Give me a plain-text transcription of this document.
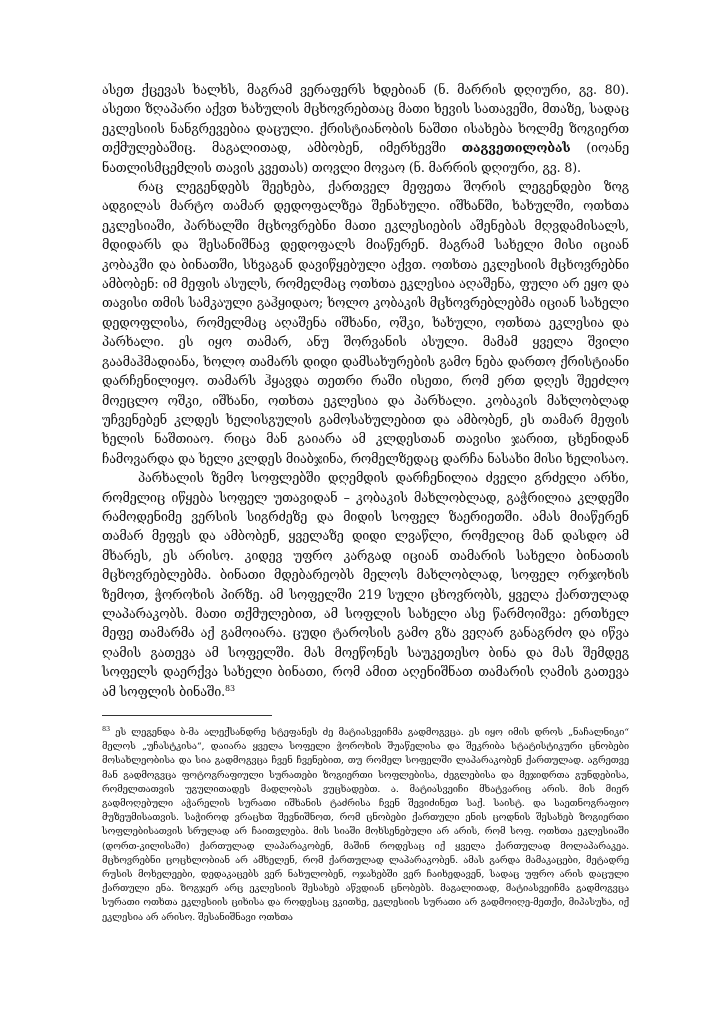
ასეთ ქცევას ხალხს, მაგრამ ვერაფერს ხდებიან (ნ. მარრის დღიური, გვ. 80). ასეთი ზღაპარი აქვთ ხახულის მცხოვრებთაც მათი ხევის სათავეში, მთაზე, სადაც ეკლესიის ნანგრევებია დაცული. ქრისტიანობის ნაშთი ისახება ხოლმე ზოგიერთ თქმულებაშიც. მაგალითად, ამბობენ, იმერხევში თაგვეთილობას (იოანე ნათლისმცემლის თავის კვეთას) თოვლი მოვაო (ნ. მარრის დღიური, გვ. 8).

რაც ლეგენდებს შეეხება, ქართველ მეფეთა შორის ლეგენდები ზოგ ადგილას მარტო თამარ დედოფალზეა შენახული. იშხანში, ხახულში, ოთხთა ეკლესიაში, პარხალში მცხოვრებნი მათი ეკლესიების აშენებას მღვდამისალს, მდიდარს და შესანიშნავ დედოფალს მიაწერენ. მაგრამ სახელი მისი იციან კობაკში და ბინათში, სხვაგან დავიწყებული აქვთ. ოთხთა ეკლესიის მცხოვრებნი ამბობენ: იმ მეფის ასულს, რომელმაც ოთხთა ეკლესია აღაშენა, ფული არ ეყო და თავისი თმის სამკაული გაჰყიდაო; ხოლო კობაკის მცხოვრებლებმა იციან სახელი დედოფლისა, რომელმაც აღაშენა იშხანი, ოშკი, ხახული, ოთხთა ეკლესია და პარხალი. ეს იყო თამარ, ანუ შორვანის ასული. მამამ ყველა შვილი გაამაჰმადიანა, ხოლო თამარს დიდი დამსახურების გამო ნება დართო ქრისტიანი დარჩენილიყო. თამარს ჰყავდა თეთრი რაში ისეთი, რომ ერთ დღეს შეეძლო მოეცლო ოშკი, იშხანი, ოთხთა ეკლესია და პარხალი. კობაკის მახლობლად უჩვენებენ კლდეს ხელისგულის გამოსახულებით და ამბობენ, ეს თამარ მეფის ხელის ნაშთიაო. რიცა მან გაიარა ამ კლდესთან თავისი ჯარით, ცხენიდან ჩამოვარდა და ხელი კლდეს მიაბჯინა, რომელზედაც დარჩა ნასახი მისი ხელისაო.

პარხალის ზემო სოფლებში დღემდის დარჩენილია ძველი გრძელი არხი, რომელიც იწყება სოფელ უთავიდან – კობაკის მახლობლად, გაჭრილია კლდეში რამოდენიმე ვერსის სიგრძეზე და მიდის სოფელ ზაერიეთში. ამას მიაწერენ თამარ მეფეს და ამბობენ, ყველაზე დიდი ლვაწლი, რომელიც მან დასდო ამ მხარეს, ეს არისო. კიდევ უფრო კარგად იციან თამარის სახელი ბინათის მცხოვრებლებმა. ბინათი მდებარეობს მელოს მახლობლად, სოფელ ორჯოხის ზემოთ, ჭოროხის პირზე. ამ სოფელში 219 სული ცხოვრობს, ყველა ქართულად ლაპარაკობს. მათი თქმულებით, ამ სოფლის სახელი ასე წარმოიშვა: ერთხელ მეფე თამარმა აქ გამოიარა. ცუდი ტაროსის გამო გზა ვეღარ განაგრძო და იწვა ღამის გათევა ამ სოფელში. მას მოეწონეს საუკეთესო ბინა და მას შემდეგ სოფელს დაერქვა სახელი ბინათი, რომ ამით აღენიშნათ თამარის ღამის გათევა ამ სოფლის ბინაში.$^{83}$

$^{83}$ ეს ლეგენდა ბ-მა ალექსანდრე სტეფანეს ძე მატიასვეიჩმა გადმოგვცა. ეს იყო იმის დროს „ნაჩალნიკი“ მელოს „უჩასტკისა“, დაიარა ყველა სოფელი ჭოროხის შუაწელისა და შეკრიბა სტატისტიკური ცნობები მოსახლეობისა და სია გადმოგვცა ჩვენ ჩვენებით, თუ რომელ სოფელში ლაპარაკობენ ქართულად. აგრეთვე მან გადმოგვცა ფოტოგრაფიული სურათები ზოგიერთი სოფლებისა, ძეგლებისა და მეჯიდრთა გუნდებისა, რომელთათვის უგულითადეს მადლობას ვუცხადებთ. ა. მატიასვეიჩი მხატვარიც არის. მის მიერ გადმოღებული აჭარელის სურათი იშხანის ტაძრისა ჩვენ შევიძინეთ საქ. საისტ. და საეთნოგრაფიო მუზეუმისათვის. საჭიროდ ვრაცხთ შევნიშნოთ, რომ ცნობები ქართული ენის ცოდნის შესახებ ზოგიერთი სოფლებისათვის სრულად არ ჩაითვლება. მის სიაში მოხსენებული არ არის, რომ სოფ. ოთხთა ეკლესიაში (დორთ-კილისაში) ქართულად ლაპარაკობენ, მაშინ როდესაც იქ ყველა ქართულად მოლაპარაკეა. მცხოვრებნი ცოცხლობიან არ ამხელენ, რომ ქართულად ლაპარაკობენ. ამას გარდა მამაკაცები, მეტადრე რუსის მოხელეები, დედაკაცებს ვერ ნახულობენ, ოჯახებში ვერ ჩაიხედავენ, სადაც უფრო არის დაცული ქართული ენა. ზოგჯერ არც ეკლესიის შესახებ აწვდიან ცნობებს. მაგალითად, მატიასვეიჩმა გადმოგვცა სურათი ოთხთა ეკლესიის ციხისა და როდესაც ვკითხე, ეკლესიის სურათი არ გადმოიღე-მეთქი, მიპასუხა, იქ ეკლესია არ არისო. შესანიშნავი ოთხთა
